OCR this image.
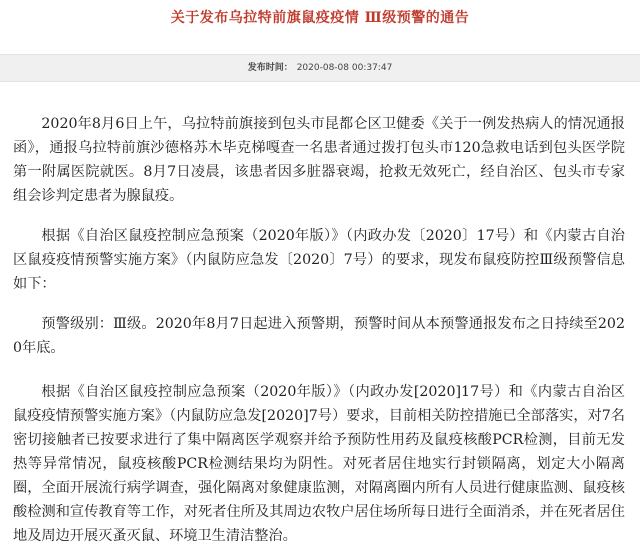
关于发布乌拉特前旗鼠疫疫情 Ⅲ级预警的通告
发布时间： 2020-08-08 00:37:47

2020年8月6日上午，乌拉特前旗接到包头市昆都仑区卫健委《关于一例发热病人的情况通报函》，通报乌拉特前旗沙德格苏木毕克梯嘎查一名患者通过拨打包头市120急救电话到包头医学院第一附属医院就医。8月7日凌晨，该患者因多脏器衰竭，抢救无效死亡，经自治区、包头市专家组会诊判定患者为腺鼠疫。

根据《自治区鼠疫控制应急预案（2020年版）》（内政办发〔2020〕17号）和《内蒙古自治区鼠疫疫情预警实施方案》（内鼠防应急发〔2020〕7号）的要求，现发布鼠疫防控Ⅲ级预警信息如下：

预警级别：Ⅲ级。2020年8月7日起进入预警期，预警时间从本预警通报发布之日持续至2020年底。

根据《自治区鼠疫控制应急预案（2020年版）》（内政办发[2020]17号）和《内蒙古自治区鼠疫疫情预警实施方案》（内鼠防应急发[2020]7号）要求，目前相关防控措施已全部落实，对7名密切接触者已按要求进行了集中隔离医学观察并给予预防性用药及鼠疫核酸PCR检测，目前无发热等异常情况，鼠疫核酸PCR检测结果均为阴性。对死者居住地实行封锁隔离，划定大小隔离圈，全面开展流行病学调查，强化隔离对象健康监测，对隔离圈内所有人员进行健康监测、鼠疫核酸检测和宣传教育等工作，对死者住所及其周边农牧户居住场所每日进行全面消杀，并在死者居住地及周边开展灭蚤灭鼠、环境卫生清洁整治。
